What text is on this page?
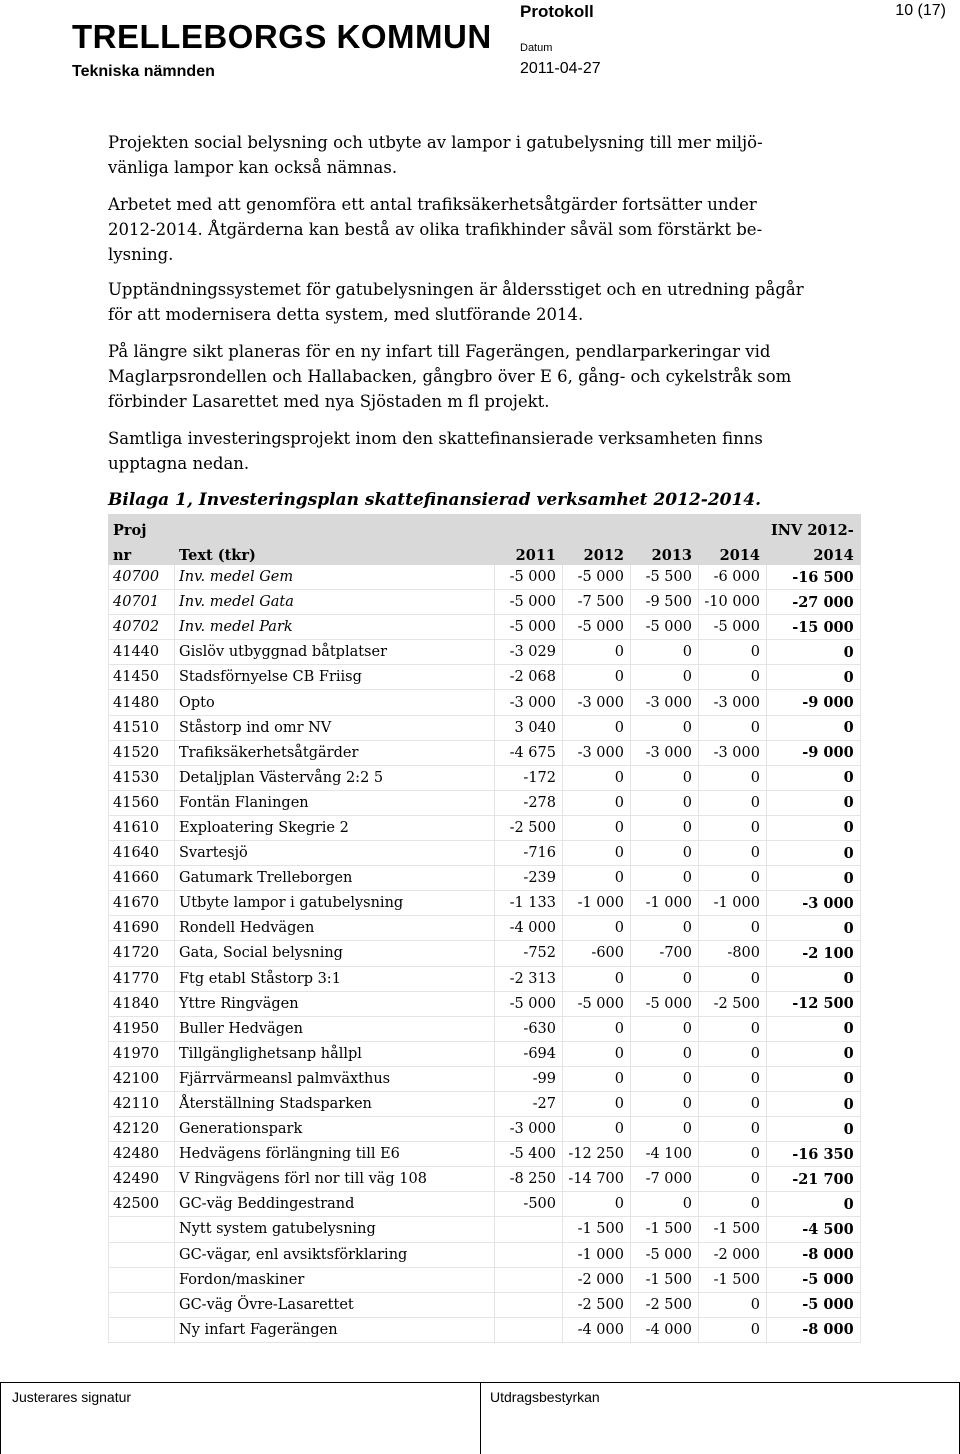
TRELLEBORGS KOMMUN
Tekniska nämnden
Protokoll
Datum
2011-04-27
10 (17)

Projekten social belysning och utbyte av lampor i gatubelysning till mer miljö-vänliga lampor kan också nämnas.

Arbetet med att genomföra ett antal trafiksäkerhetsåtgärder fortsätter under 2012-2014. Åtgärderna kan bestå av olika trafikhinder såväl som förstärkt be-lysning.

Upptändningssystemet för gatubelysningen är åldersstiget och en utredning pågår för att modernisera detta system, med slutförande 2014.

På längre sikt planeras för en ny infart till Fagerängen, pendlarparkeringar vid Maglarpsrondellen och Hallabacken, gångbro över E 6, gång- och cykelstråk som förbinder Lasarettet med nya Sjöstaden m fl projekt.

Samtliga investeringsprojekt inom den skattefinansierade verksamheten finns upptagna nedan.

Bilaga 1, Investeringsplan skattefinansierad verksamhet 2012-2014.

Proj						INV 2012-
nr	Text (tkr)	2011	2012	2013	2014	2014
40700	Inv. medel Gem	-5 000	-5 000	-5 500	-6 000	-16 500
40701	Inv. medel Gata	-5 000	-7 500	-9 500	-10 000	-27 000
40702	Inv. medel Park	-5 000	-5 000	-5 000	-5 000	-15 000
41440	Gislöv utbyggnad båtplatser	-3 029	0	0	0	0
41450	Stadsförnyelse CB Friisg	-2 068	0	0	0	0
41480	Opto	-3 000	-3 000	-3 000	-3 000	-9 000
41510	Ståstorp ind omr NV	3 040	0	0	0	0
41520	Trafiksäkerhetsåtgärder	-4 675	-3 000	-3 000	-3 000	-9 000
41530	Detaljplan Västervång 2:2 5	-172	0	0	0	0
41560	Fontän Flaningen	-278	0	0	0	0
41610	Exploatering Skegrie 2	-2 500	0	0	0	0
41640	Svartesjö	-716	0	0	0	0
41660	Gatumark Trelleborgen	-239	0	0	0	0
41670	Utbyte lampor i gatubelysning	-1 133	-1 000	-1 000	-1 000	-3 000
41690	Rondell Hedvägen	-4 000	0	0	0	0
41720	Gata, Social belysning	-752	-600	-700	-800	-2 100
41770	Ftg etabl Ståstorp 3:1	-2 313	0	0	0	0
41840	Yttre Ringvägen	-5 000	-5 000	-5 000	-2 500	-12 500
41950	Buller Hedvägen	-630	0	0	0	0
41970	Tillgänglighetsanp hållpl	-694	0	0	0	0
42100	Fjärrvärmeansl palmväxthus	-99	0	0	0	0
42110	Återställning Stadsparken	-27	0	0	0	0
42120	Generationspark	-3 000	0	0	0	0
42480	Hedvägens förlängning till E6	-5 400	-12 250	-4 100	0	-16 350
42490	V Ringvägens förl nor till väg 108	-8 250	-14 700	-7 000	0	-21 700
42500	GC-väg Beddingestrand	-500	0	0	0	0
	Nytt system gatubelysning		-1 500	-1 500	-1 500	-4 500
	GC-vägar, enl avsiktsförklaring		-1 000	-5 000	-2 000	-8 000
	Fordon/maskiner		-2 000	-1 500	-1 500	-5 000
	GC-väg Övre-Lasarettet		-2 500	-2 500	0	-5 000
	Ny infart Fagerängen		-4 000	-4 000	0	-8 000
Justerares signatur	Utdragsbestyrkan
